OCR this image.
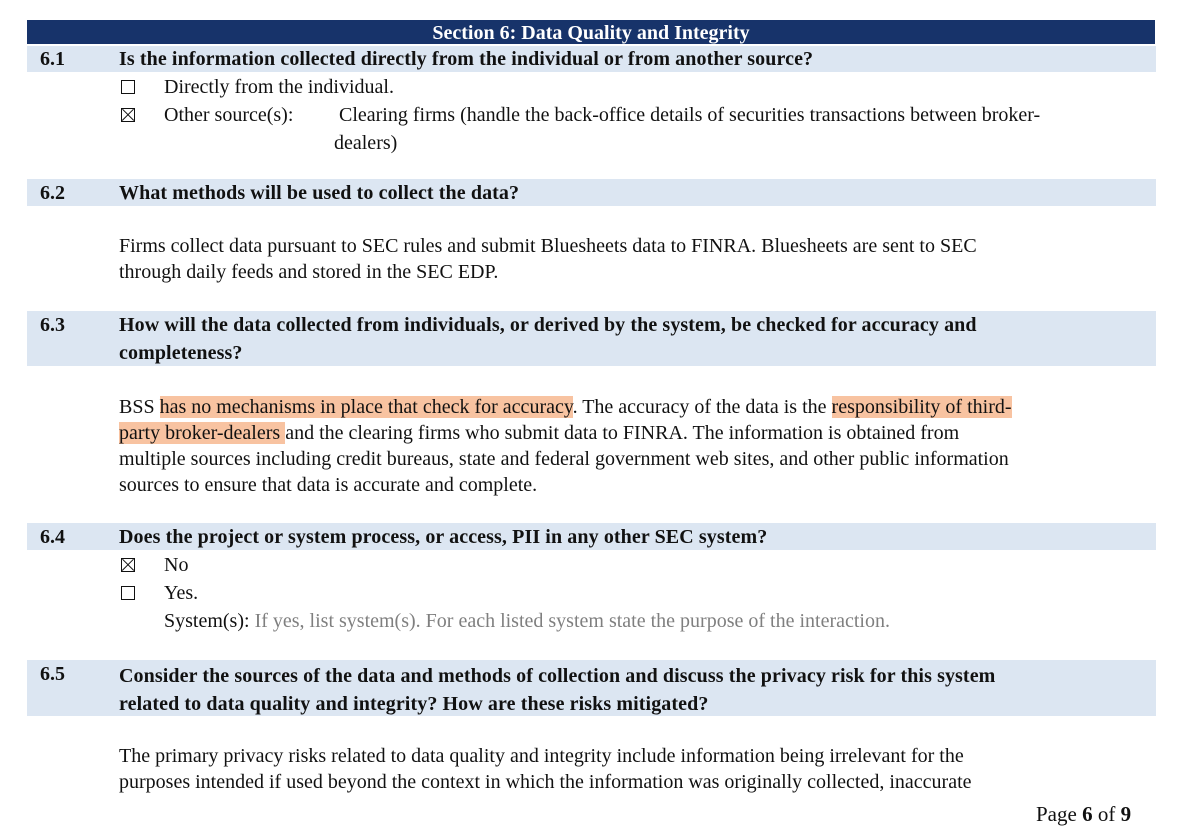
Section 6: Data Quality and Integrity
6.1	Is the information collected directly from the individual or from another source?
Directly from the individual.
Other source(s): Clearing firms (handle the back-office details of securities transactions between broker-
dealers)
6.2	What methods will be used to collect the data?
Firms collect data pursuant to SEC rules and submit Bluesheets data to FINRA. Bluesheets are sent to SEC
through daily feeds and stored in the SEC EDP.
6.3	How will the data collected from individuals, or derived by the system, be checked for accuracy and
completeness?
BSS has no mechanisms in place that check for accuracy. The accuracy of the data is the responsibility of third-
party broker-dealers and the clearing firms who submit data to FINRA. The information is obtained from
multiple sources including credit bureaus, state and federal government web sites, and other public information
sources to ensure that data is accurate and complete.
6.4	Does the project or system process, or access, PII in any other SEC system?
No
Yes.
System(s): If yes, list system(s). For each listed system state the purpose of the interaction.
6.5	Consider the sources of the data and methods of collection and discuss the privacy risk for this system
related to data quality and integrity? How are these risks mitigated?
The primary privacy risks related to data quality and integrity include information being irrelevant for the
purposes intended if used beyond the context in which the information was originally collected, inaccurate
Page 6 of 9
